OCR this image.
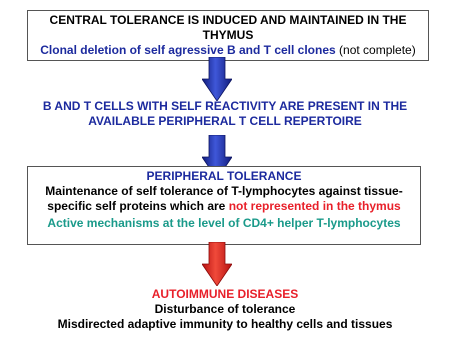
CENTRAL TOLERANCE IS INDUCED AND MAINTAINED IN THE THYMUS
Clonal deletion of self agressive B and T cell clones (not complete)
B AND T CELLS WITH SELF REACTIVITY ARE PRESENT IN THE AVAILABLE PERIPHERAL T CELL REPERTOIRE
PERIPHERAL TOLERANCE
Maintenance of self tolerance of T-lymphocytes against tissue-specific self proteins which are not represented in the thymus
Active mechanisms at the level of CD4+ helper T-lymphocytes
AUTOIMMUNE DISEASES
Disturbance of tolerance
Misdirected adaptive immunity to healthy cells and tissues
